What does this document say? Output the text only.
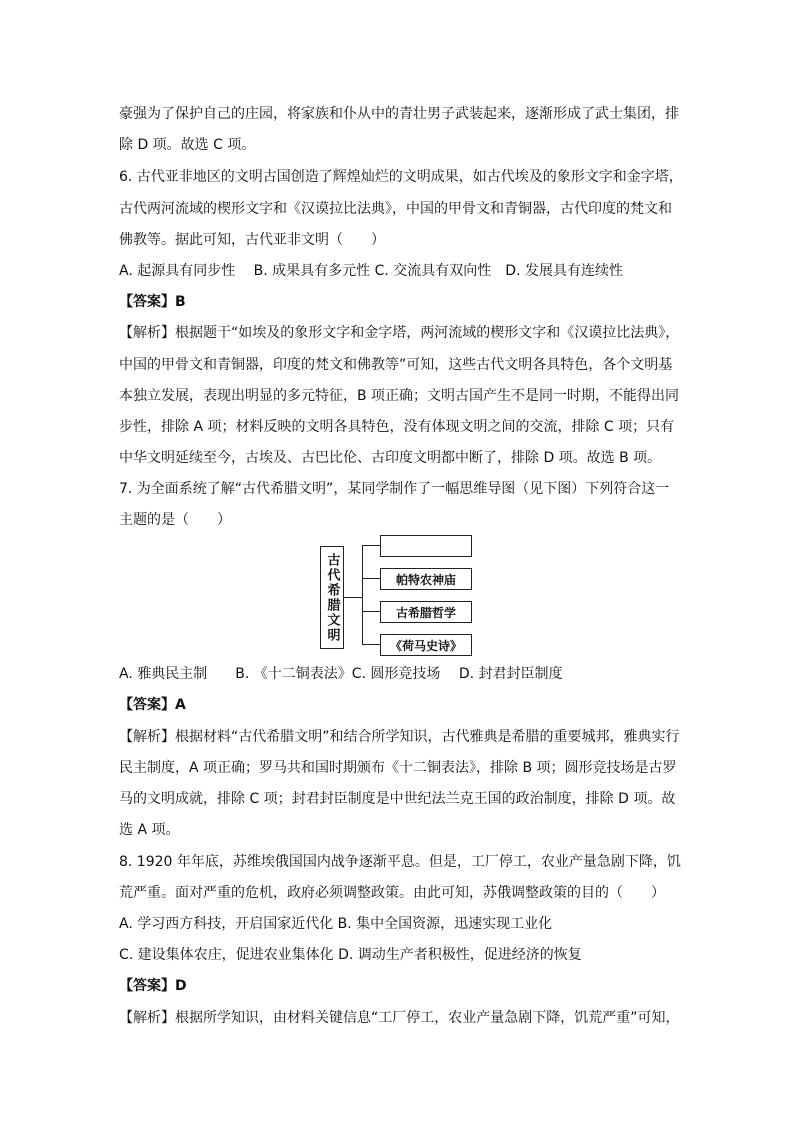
豪强为了保护自己的庄园，将家族和仆从中的青壮男子武装起来，逐渐形成了武士集团，排
除 D 项。故选 C 项。
6. 古代亚非地区的文明古国创造了辉煌灿烂的文明成果，如古代埃及的象形文字和金字塔，
古代两河流域的楔形文字和《汉谟拉比法典》，中国的甲骨文和青铜器，古代印度的梵文和
佛教等。据此可知，古代亚非文明（　　）
A. 起源具有同步性　 B. 成果具有多元性 C. 交流具有双向性　D. 发展具有连续性
【答案】B
【解析】根据题干“如埃及的象形文字和金字塔，两河流域的楔形文字和《汉谟拉比法典》，
中国的甲骨文和青铜器，印度的梵文和佛教等”可知，这些古代文明各具特色，各个文明基
本独立发展，表现出明显的多元特征，B 项正确；文明古国产生不是同一时期，不能得出同
步性，排除 A 项；材料反映的文明各具特色，没有体现文明之间的交流，排除 C 项；只有
中华文明延续至今，古埃及、古巴比伦、古印度文明都中断了，排除 D 项。故选 B 项。
7. 为全面系统了解“古代希腊文明”，某同学制作了一幅思维导图（见下图）下列符合这一
主题的是（　　）
古代希腊文明	帕特农神庙
古希腊哲学
《荷马史诗》
A. 雅典民主制　　B. 《十二铜表法》C. 圆形竞技场　 D. 封君封臣制度
【答案】A
【解析】根据材料“古代希腊文明”和结合所学知识，古代雅典是希腊的重要城邦，雅典实行
民主制度，A 项正确；罗马共和国时期颁布《十二铜表法》，排除 B 项；圆形竞技场是古罗
马的文明成就，排除 C 项；封君封臣制度是中世纪法兰克王国的政治制度，排除 D 项。故
选 A 项。
8. 1920 年年底，苏维埃俄国国内战争逐渐平息。但是，工厂停工，农业产量急剧下降，饥
荒严重。面对严重的危机，政府必须调整政策。由此可知，苏俄调整政策的目的（　　）
A. 学习西方科技，开启国家近代化 B. 集中全国资源，迅速实现工业化
C. 建设集体农庄，促进农业集体化 D. 调动生产者积极性，促进经济的恢复
【答案】D
【解析】根据所学知识，由材料关键信息“工厂停工，农业产量急剧下降，饥荒严重”可知，
